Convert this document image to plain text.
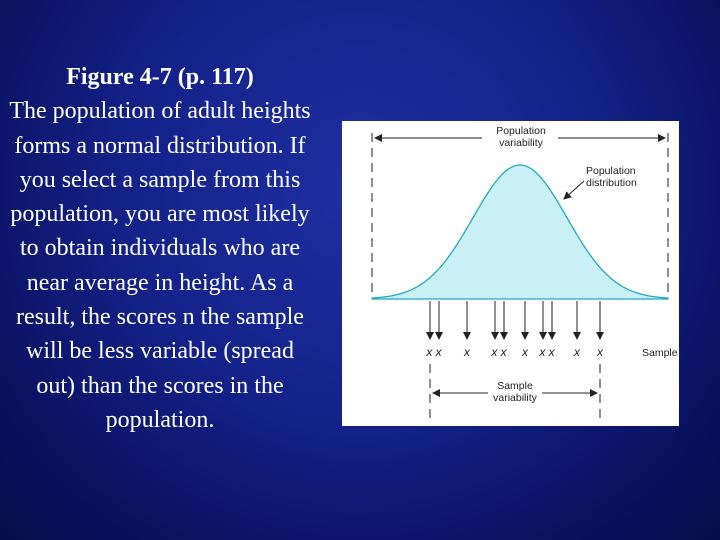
Figure 4-7 (p. 117)
The population of adult heights forms a normal distribution. If you select a sample from this population, you are most likely to obtain individuals who are near average in height. As a result, the scores n the sample will be less variable (spread out) than the scores in the population.
Population
variability
Population
distribution
x x x x x x x x x x	Sample
Sample
variability
